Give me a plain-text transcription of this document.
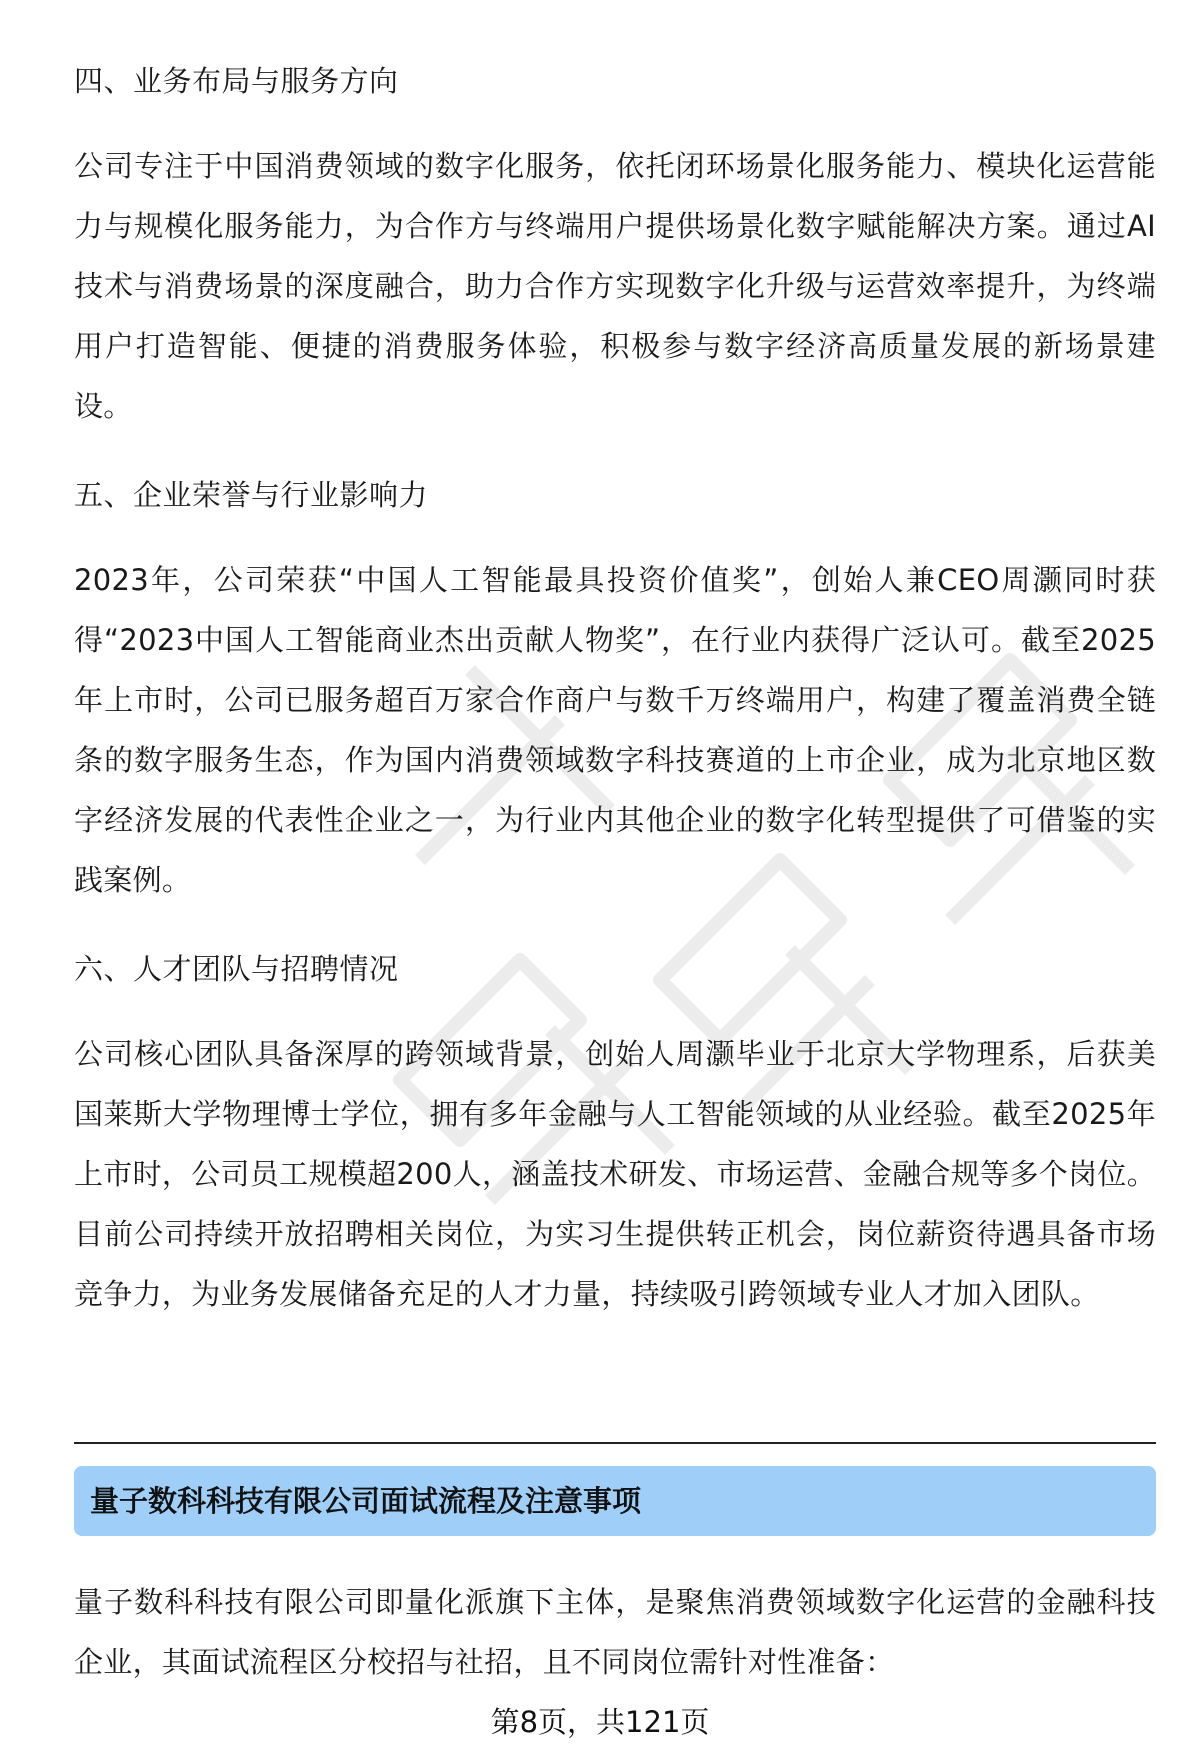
四、业务布局与服务方向

公司专注于中国消费领域的数字化服务，依托闭环场景化服务能力、模块化运营能力与规模化服务能力，为合作方与终端用户提供场景化数字赋能解决方案。通过AI技术与消费场景的深度融合，助力合作方实现数字化升级与运营效率提升，为终端用户打造智能、便捷的消费服务体验，积极参与数字经济高质量发展的新场景建设。

五、企业荣誉与行业影响力

2023年，公司荣获“中国人工智能最具投资价值奖”，创始人兼CEO周灏同时获得“2023中国人工智能商业杰出贡献人物奖”，在行业内获得广泛认可。截至2025年上市时，公司已服务超百万家合作商户与数千万终端用户，构建了覆盖消费全链条的数字服务生态，作为国内消费领域数字科技赛道的上市企业，成为北京地区数字经济发展的代表性企业之一，为行业内其他企业的数字化转型提供了可借鉴的实践案例。

六、人才团队与招聘情况

公司核心团队具备深厚的跨领域背景，创始人周灏毕业于北京大学物理系，后获美国莱斯大学物理博士学位，拥有多年金融与人工智能领域的从业经验。截至2025年上市时，公司员工规模超200人，涵盖技术研发、市场运营、金融合规等多个岗位。目前公司持续开放招聘相关岗位，为实习生提供转正机会，岗位薪资待遇具备市场竞争力，为业务发展储备充足的人才力量，持续吸引跨领域专业人才加入团队。

量子数科科技有限公司面试流程及注意事项

量子数科科技有限公司即量化派旗下主体，是聚焦消费领域数字化运营的金融科技企业，其面试流程区分校招与社招，且不同岗位需针对性准备：

第8页，共121页
